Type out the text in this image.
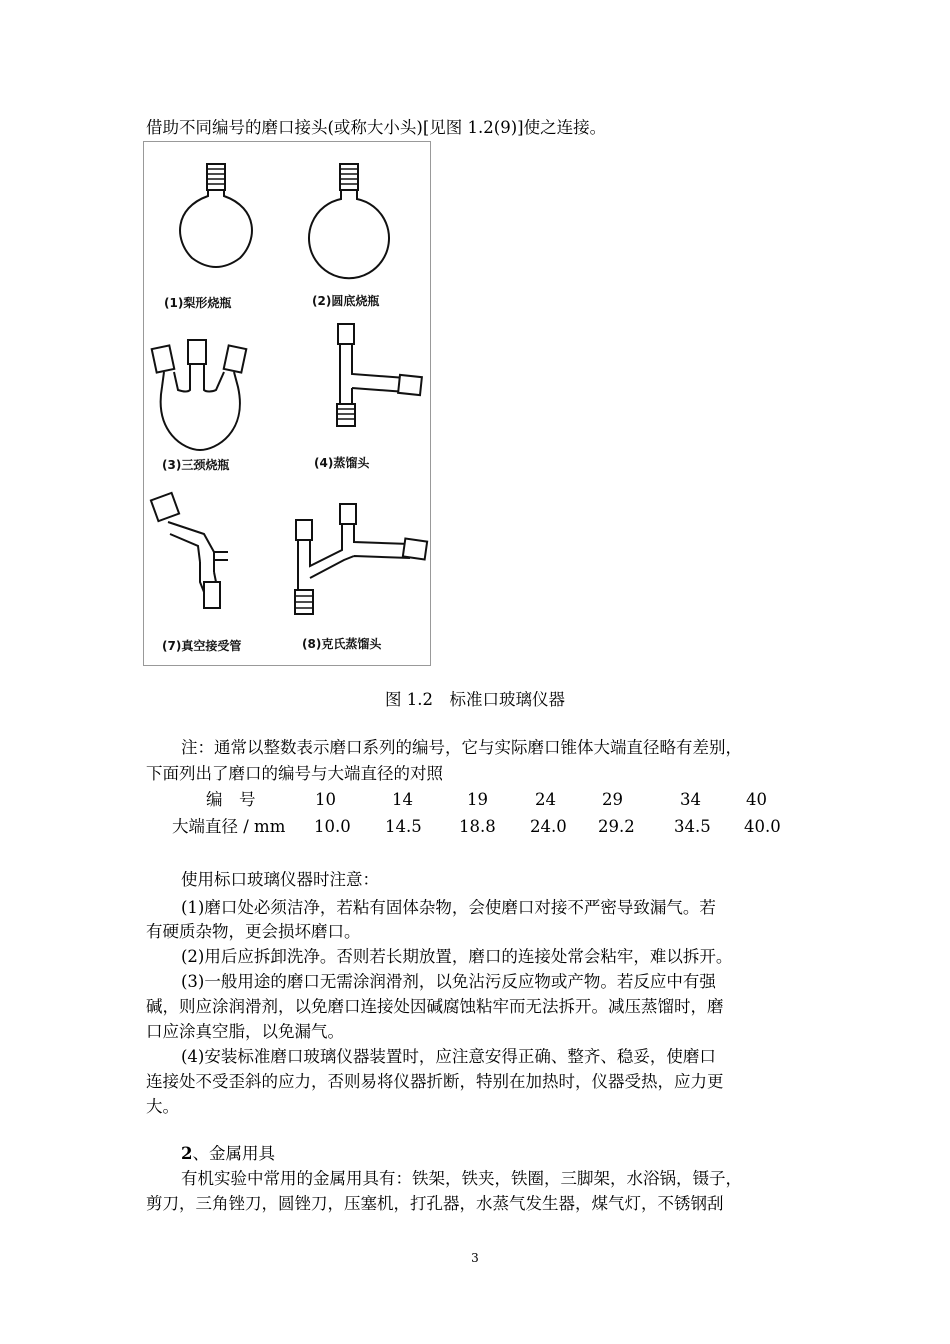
借助不同编号的磨口接头(或称大小头)[见图 1.2(9)]使之连接。
(1)梨形烧瓶	(2)圆底烧瓶
(3)三颈烧瓶	(4)蒸馏头
(7)真空接受管	(8)克氏蒸馏头
图 1.2　标准口玻璃仪器
注：通常以整数表示磨口系列的编号，它与实际磨口锥体大端直径略有差别，
下面列出了磨口的编号与大端直径的对照
编　号	10	14	19	24	29	34	40
大端直径 / mm 10.0 14.5 18.8 24.0 29.2 34.5 40.0
使用标口玻璃仪器时注意：
(1)磨口处必须洁净，若粘有固体杂物，会使磨口对接不严密导致漏气。若
有硬质杂物，更会损坏磨口。
(2)用后应拆卸洗净。否则若长期放置，磨口的连接处常会粘牢，难以拆开。
(3)一般用途的磨口无需涂润滑剂，以免沾污反应物或产物。若反应中有强
碱，则应涂润滑剂，以免磨口连接处因碱腐蚀粘牢而无法拆开。减压蒸馏时，磨
口应涂真空脂，以免漏气。
(4)安装标准磨口玻璃仪器装置时，应注意安得正确、整齐、稳妥，使磨口
连接处不受歪斜的应力，否则易将仪器折断，特别在加热时，仪器受热，应力更
大。
2、金属用具
有机实验中常用的金属用具有：铁架，铁夹，铁圈，三脚架，水浴锅，镊子，
剪刀，三角锉刀，圆锉刀，压塞机，打孔器，水蒸气发生器，煤气灯，不锈钢刮
3
